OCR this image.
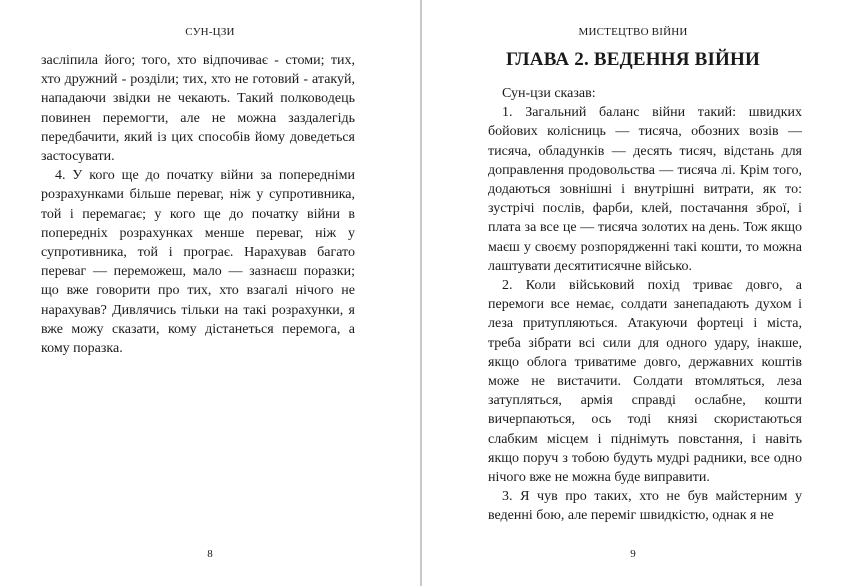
СУН-ЦЗИ

засліпила його; того, хто відпочиває - стоми; тих, хто дружний - розділи; тих, хто не готовий - атакуй, нападаючи звідки не чекають. Такий полководець повинен перемогти, але не можна заздалегідь передбачити, який із цих способів йому доведеться застосувати.

4. У кого ще до початку війни за попередніми розрахунками більше переваг, ніж у супротивника, той і перемагає; у кого ще до початку війни в попередніх розрахунках менше переваг, ніж у супротивника, той і програє. Нарахував багато переваг — переможеш, мало — зазнаєш поразки; що вже говорити про тих, хто взагалі нічого не нарахував? Дивлячись тільки на такі розрахунки, я вже можу сказати, кому дістанеться перемога, а кому поразка.

8
МИСТЕЦТВО ВІЙНИ
ГЛАВА 2. ВЕДЕННЯ ВІЙНИ

Сун-цзи сказав:

1. Загальний баланс війни такий: швидких бойових колісниць — тисяча, обозних возів — тисяча, обладунків — десять тисяч, відстань для доправлення продовольства — тисяча лі. Крім того, додаються зовнішні і внутрішні витрати, як то: зустрічі послів, фарби, клей, постачання зброї, і плата за все це — тисяча золотих на день. Тож якщо маєш у своєму розпорядженні такі кошти, то можна лаштувати десятитисячне військо.

2. Коли військовий похід триває довго, а перемоги все немає, солдати занепадають духом і леза притупляються. Атакуючи фортеці і міста, треба зібрати всі сили для одного удару, інакше, якщо облога триватиме довго, державних коштів може не вистачити. Солдати втомляться, леза затупляться, армія справді ослабне, кошти вичерпаються, ось тоді князі скористаються слабким місцем і піднімуть повстання, і навіть якщо поруч з тобою будуть мудрі радники, все одно нічого вже не можна буде виправити.

3. Я чув про таких, хто не був майстерним у веденні бою, але переміг швидкістю, однак я не

9
